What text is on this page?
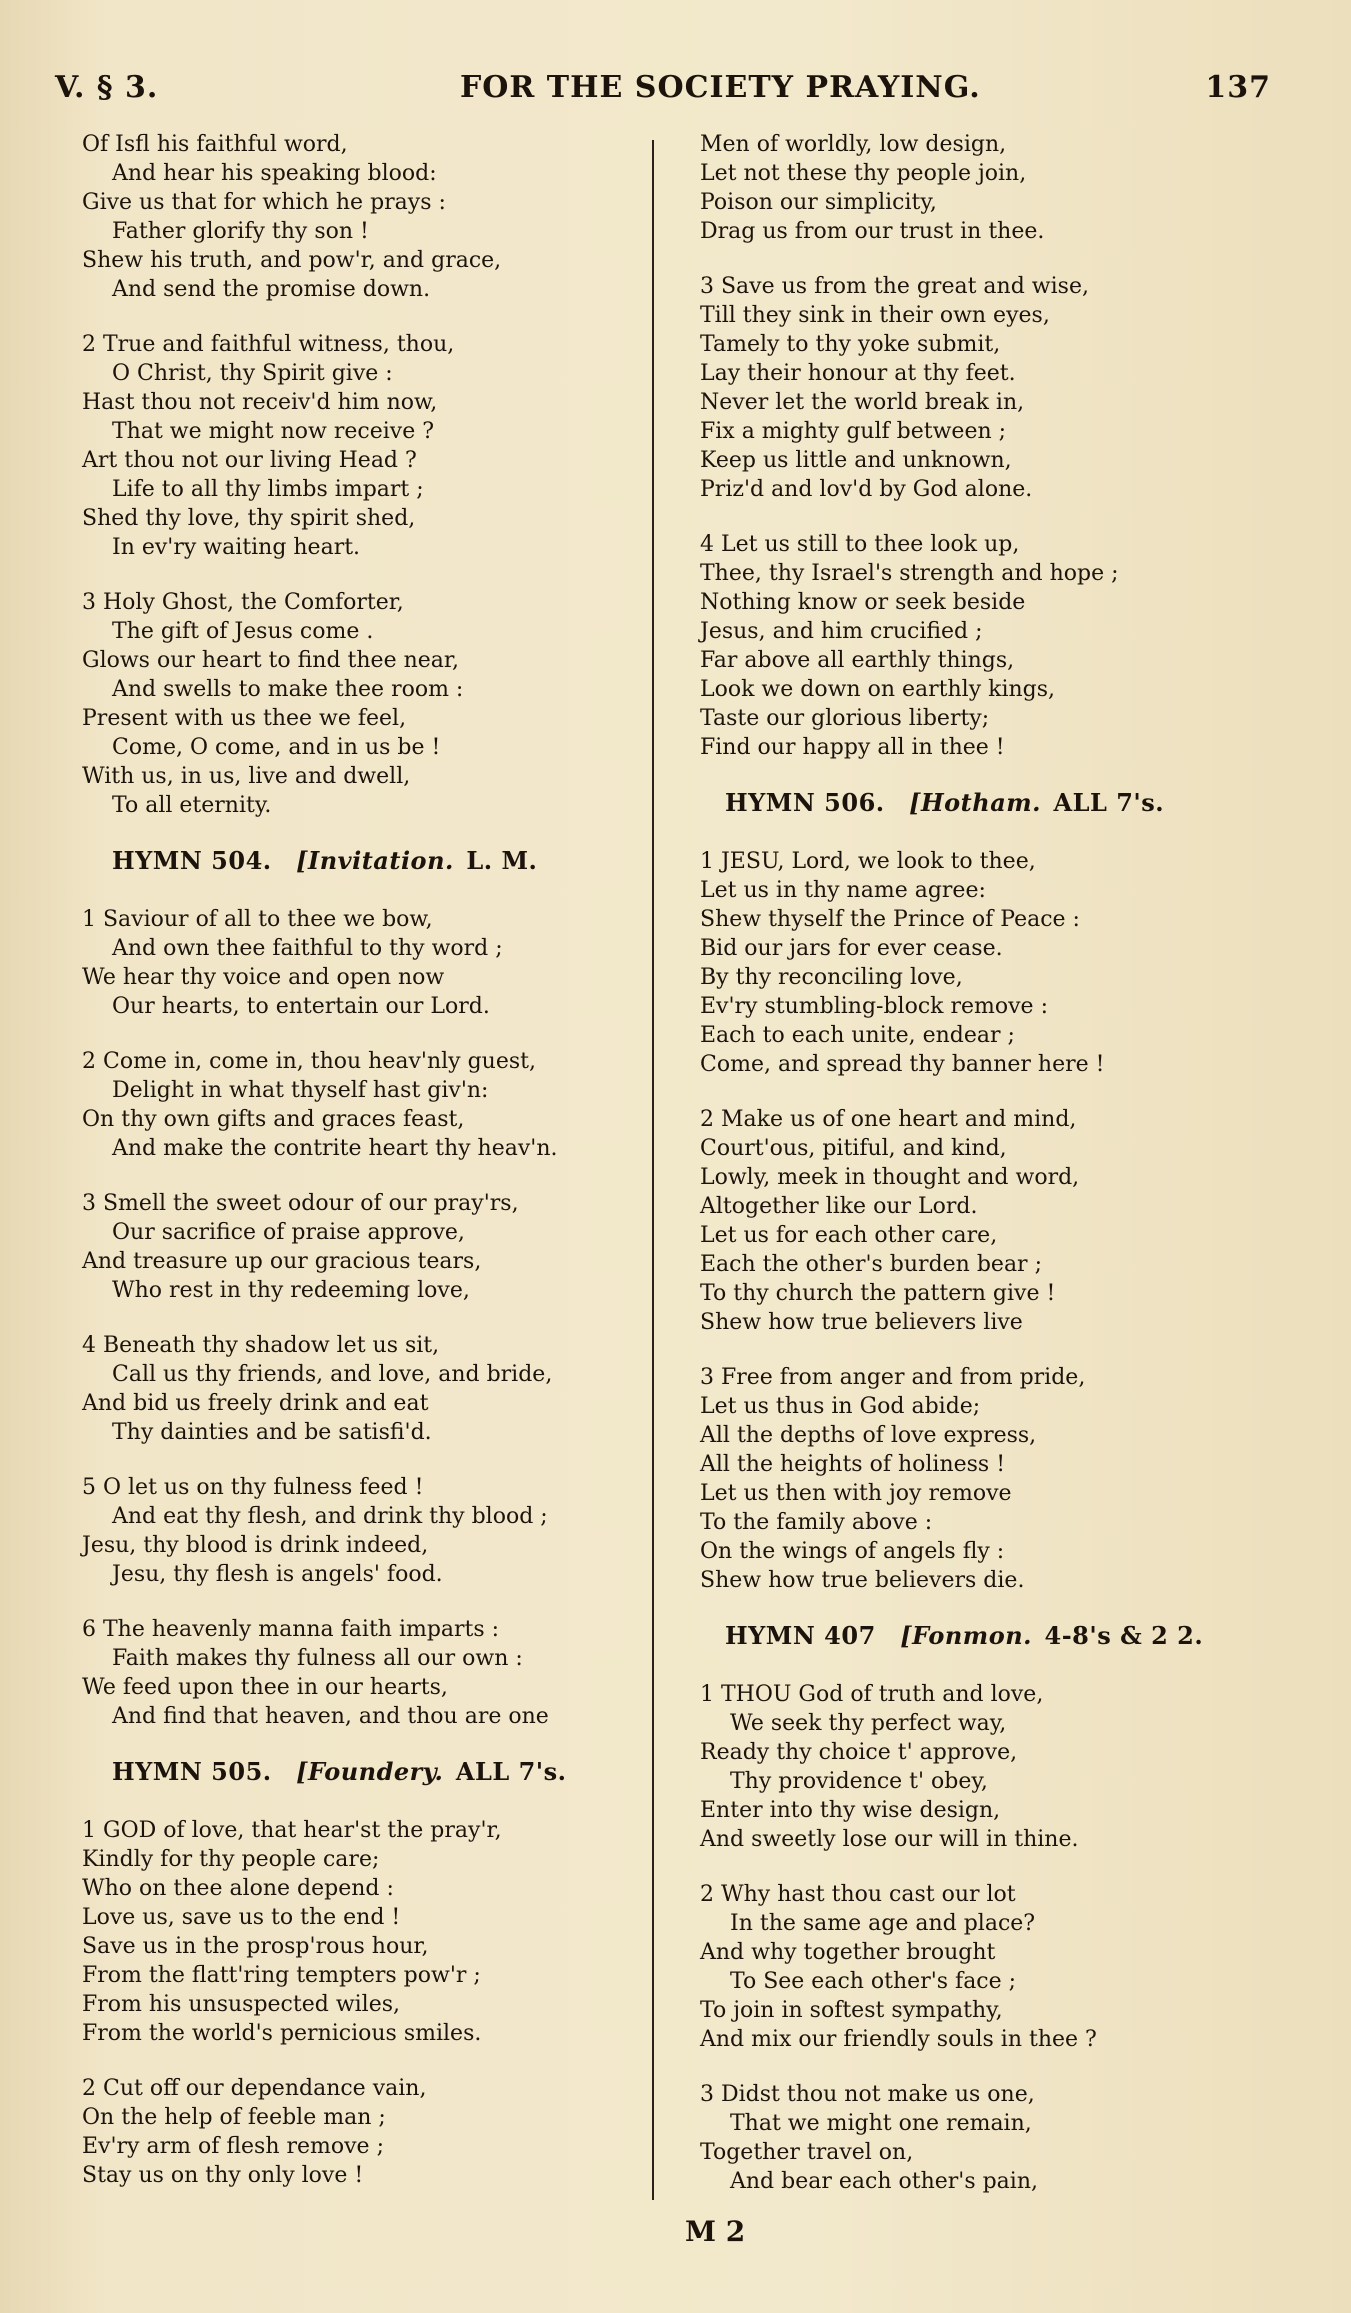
V. § 3.	FOR THE SOCIETY PRAYING.	137
Of Isfl his faithful word,
And hear his speaking blood:
Give us that for which he prays :
Father glorify thy son !
Shew his truth, and pow'r, and grace,
And send the promise down.
2 True and faithful witness, thou,
O Christ, thy Spirit give :
Hast thou not receiv'd him now,
That we might now receive ?
Art thou not our living Head ?
Life to all thy limbs impart ;
Shed thy love, thy spirit shed,
In ev'ry waiting heart.
3 Holy Ghost, the Comforter,
The gift of Jesus come .
Glows our heart to find thee near,
And swells to make thee room :
Present with us thee we feel,
Come, O come, and in us be !
With us, in us, live and dwell,
To all eternity.
HYMN 504.  [Invitation.  L. M.
1 Saviour of all to thee we bow,
And own thee faithful to thy word ;
We hear thy voice and open now
Our hearts, to entertain our Lord.
2 Come in, come in, thou heav'nly guest,
Delight in what thyself hast giv'n:
On thy own gifts and graces feast,
And make the contrite heart thy heav'n.
3 Smell the sweet odour of our pray'rs,
Our sacrifice of praise approve,
And treasure up our gracious tears,
Who rest in thy redeeming love,
4 Beneath thy shadow let us sit,
Call us thy friends, and love, and bride,
And bid us freely drink and eat
Thy dainties and be satisfi'd.
5 O let us on thy fulness feed !
And eat thy flesh, and drink thy blood ;
Jesu, thy blood is drink indeed,
Jesu, thy flesh is angels' food.
6 The heavenly manna faith imparts :
Faith makes thy fulness all our own :
We feed upon thee in our hearts,
And find that heaven, and thou are one
HYMN 505.  [Foundery.  ALL 7's.
1 GOD of love, that hear'st the pray'r,
Kindly for thy people care;
Who on thee alone depend :
Love us, save us to the end !
Save us in the prosp'rous hour,
From the flatt'ring tempters pow'r ;
From his unsuspected wiles,
From the world's pernicious smiles.
2 Cut off our dependance vain,
On the help of feeble man ;
Ev'ry arm of flesh remove ;
Stay us on thy only love !
Men of worldly, low design,
Let not these thy people join,
Poison our simplicity,
Drag us from our trust in thee.
3 Save us from the great and wise,
Till they sink in their own eyes,
Tamely to thy yoke submit,
Lay their honour at thy feet.
Never let the world break in,
Fix a mighty gulf between ;
Keep us little and unknown,
Priz'd and lov'd by God alone.
4 Let us still to thee look up,
Thee, thy Israel's strength and hope ;
Nothing know or seek beside
Jesus, and him crucified ;
Far above all earthly things,
Look we down on earthly kings,
Taste our glorious liberty;
Find our happy all in thee !
HYMN 506.  [Hotham.  ALL 7's.
1 JESU, Lord, we look to thee,
Let us in thy name agree:
Shew thyself the Prince of Peace :
Bid our jars for ever cease.
By thy reconciling love,
Ev'ry stumbling-block remove :
Each to each unite, endear ;
Come, and spread thy banner here !
2 Make us of one heart and mind,
Court'ous, pitiful, and kind,
Lowly, meek in thought and word,
Altogether like our Lord.
Let us for each other care,
Each the other's burden bear ;
To thy church the pattern give !
Shew how true believers live
3 Free from anger and from pride,
Let us thus in God abide;
All the depths of love express,
All the heights of holiness !
Let us then with joy remove
To the family above :
On the wings of angels fly :
Shew how true believers die.
HYMN 407  [Fonmon.  4-8's & 2 2.
1 THOU God of truth and love,
We seek thy perfect way,
Ready thy choice t' approve,
Thy providence t' obey,
Enter into thy wise design,
And sweetly lose our will in thine.
2 Why hast thou cast our lot
In the same age and place?
And why together brought
To See each other's face ;
To join in softest sympathy,
And mix our friendly souls in thee ?
3 Didst thou not make us one,
That we might one remain,
Together travel on,
And bear each other's pain,
M 2
